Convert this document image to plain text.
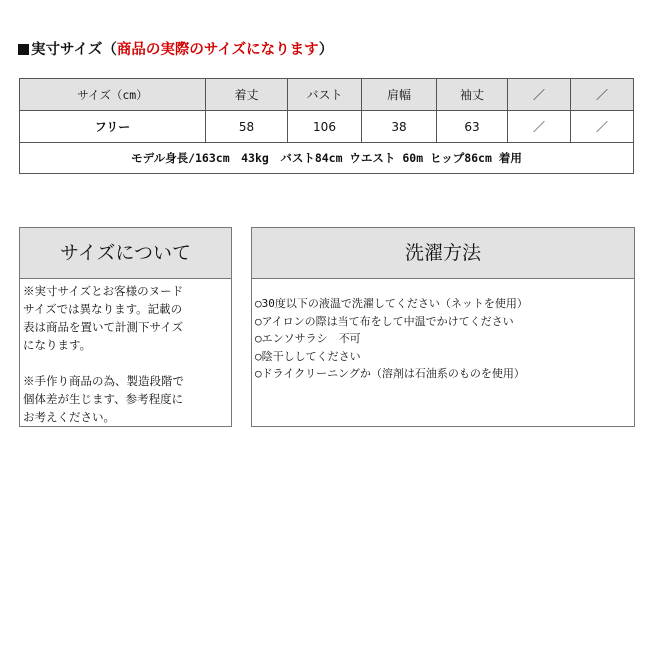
実寸サイズ（商品の実際のサイズになります）
サイズ（cm）	着丈	バスト	肩幅	袖丈	／	／
フリー	58	106	38	63	／	／
モデル身長/163cm　43kg　バスト84cm ウエスト 60m ヒップ86cm 着用						
サイズについて

※実寸サイズとお客様のヌード

サイズでは異なります。記載の

表は商品を置いて計測下サイズ

になります。

※手作り商品の為、製造段階で

個体差が生じます、参考程度に

お考えください。

洗濯方法

○30度以下の液温で洗濯してください（ネットを使用）

○アイロンの際は当て布をして中温でかけてください

○エンソサラシ　不可

○陰干ししてください

○ドライクリーニングか（溶剤は石油系のものを使用）
